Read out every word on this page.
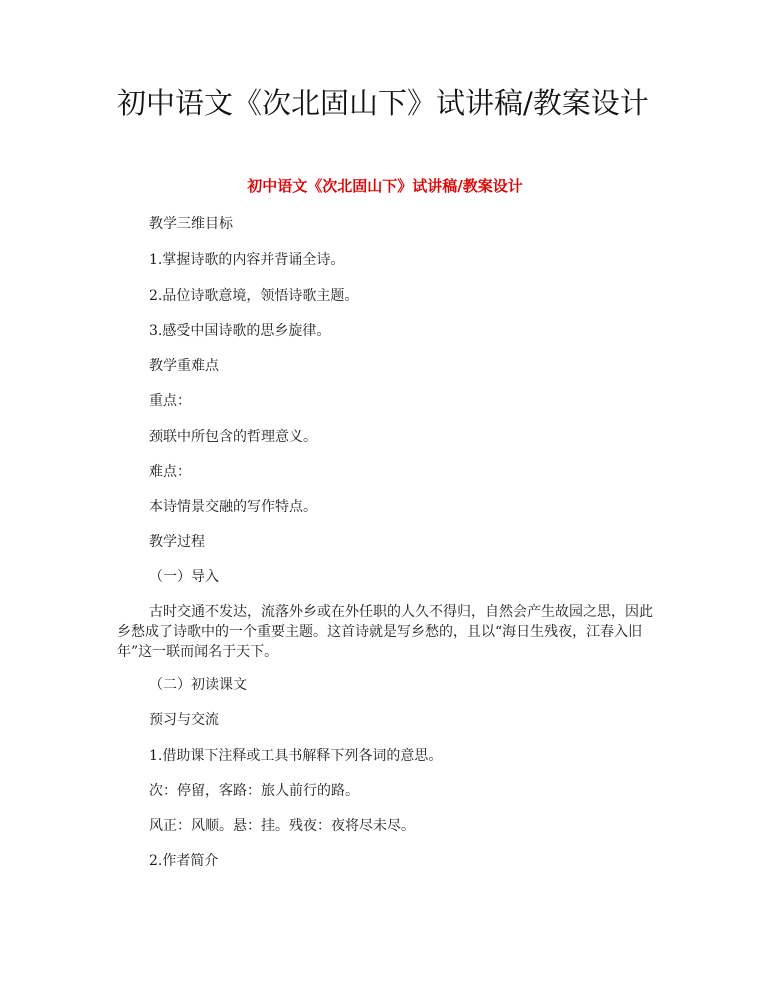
初中语文《次北固山下》试讲稿/教案设计

初中语文《次北固山下》试讲稿/教案设计

教学三维目标

1.掌握诗歌的内容并背诵全诗。

2.品位诗歌意境，领悟诗歌主题。

3.感受中国诗歌的思乡旋律。

教学重难点

重点：

颈联中所包含的哲理意义。

难点：

本诗情景交融的写作特点。

教学过程

（一）导入

古时交通不发达，流落外乡或在外任职的人久不得归，自然会产生故园之思，因此乡愁成了诗歌中的一个重要主题。这首诗就是写乡愁的，且以“海日生残夜，江春入旧年”这一联而闻名于天下。

（二）初读课文

预习与交流

1.借助课下注释或工具书解释下列各词的意思。

次：停留，客路：旅人前行的路。

风正：风顺。悬：挂。残夜：夜将尽未尽。

2.作者简介
